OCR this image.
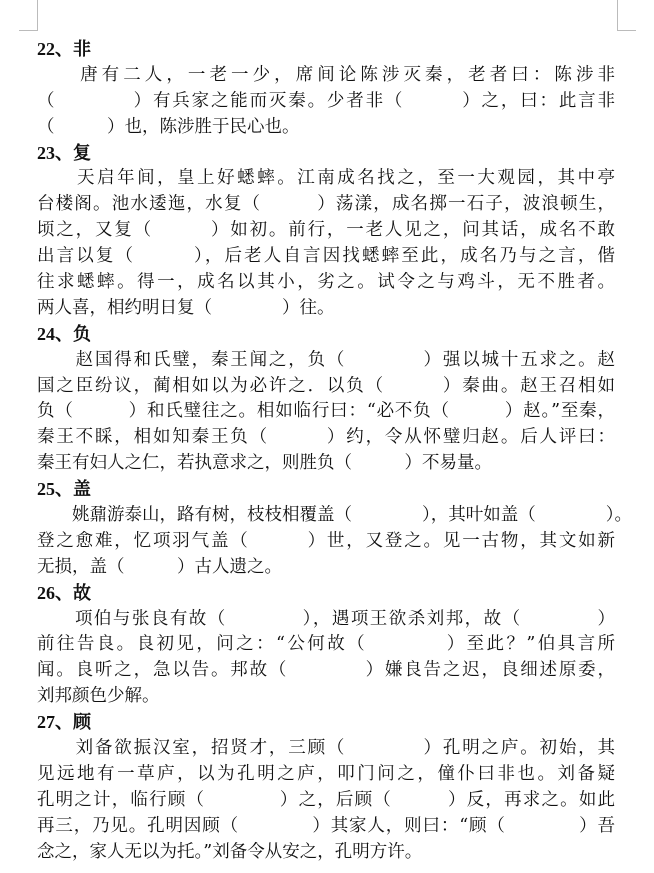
22、非
　　唐有二人，一老一少，席间论陈涉灭秦，老者曰：陈涉非
（　　　　）有兵家之能而灭秦。少者非（　　　）之，曰：此言非
（　　　）也，陈涉胜于民心也。
23、复
　　天启年间，皇上好蟋蟀。江南成名找之，至一大观园，其中亭
台楼阁。池水逶迤，水复（　　　）荡漾，成名掷一石子，波浪顿生，
顷之，又复（　　　）如初。前行，一老人见之，问其话，成名不敢
出言以复（　　　），后老人自言因找蟋蟀至此，成名乃与之言，偕
往求蟋蟀。得一，成名以其小，劣之。试令之与鸡斗，无不胜者。
两人喜，相约明日复（　　　　）往。
24、负
　　赵国得和氏璧，秦王闻之，负（　　　　）强以城十五求之。赵
国之臣纷议，蔺相如以为必许之．以负（　　　）秦曲。赵王召相如
负（　　　）和氏璧往之。相如临行曰：“必不负（　　　）赵。”至秦，
秦王不睬，相如知秦王负（　　　）约，令从怀璧归赵。后人评曰：
秦王有妇人之仁，若执意求之，则胜负（　　　）不易量。
25、盖
　　姚鼐游泰山，路有树，枝枝相覆盖（　　　　），其叶如盖（　　　　）。
登之愈难，忆项羽气盖（　　　）世，又登之。见一古物，其文如新
无损，盖（　　　）古人遗之。
26、故
　　项伯与张良有故（　　　　），遇项王欲杀刘邦，故（　　　　）
前往告良。良初见，问之：“公何故（　　　　）至此？”伯具言所
闻。良听之，急以告。邦故（　　　　）嫌良告之迟，良细述原委，
刘邦颜色少解。
27、顾
　　刘备欲振汉室，招贤才，三顾（　　　　）孔明之庐。初始，其
见远地有一草庐，以为孔明之庐，叩门问之，僮仆曰非也。刘备疑
孔明之计，临行顾（　　　　）之，后顾（　　　）反，再求之。如此
再三，乃见。孔明因顾（　　　　）其家人，则曰：“顾（　　　　）吾
念之，家人无以为托。”刘备令从安之，孔明方许。
